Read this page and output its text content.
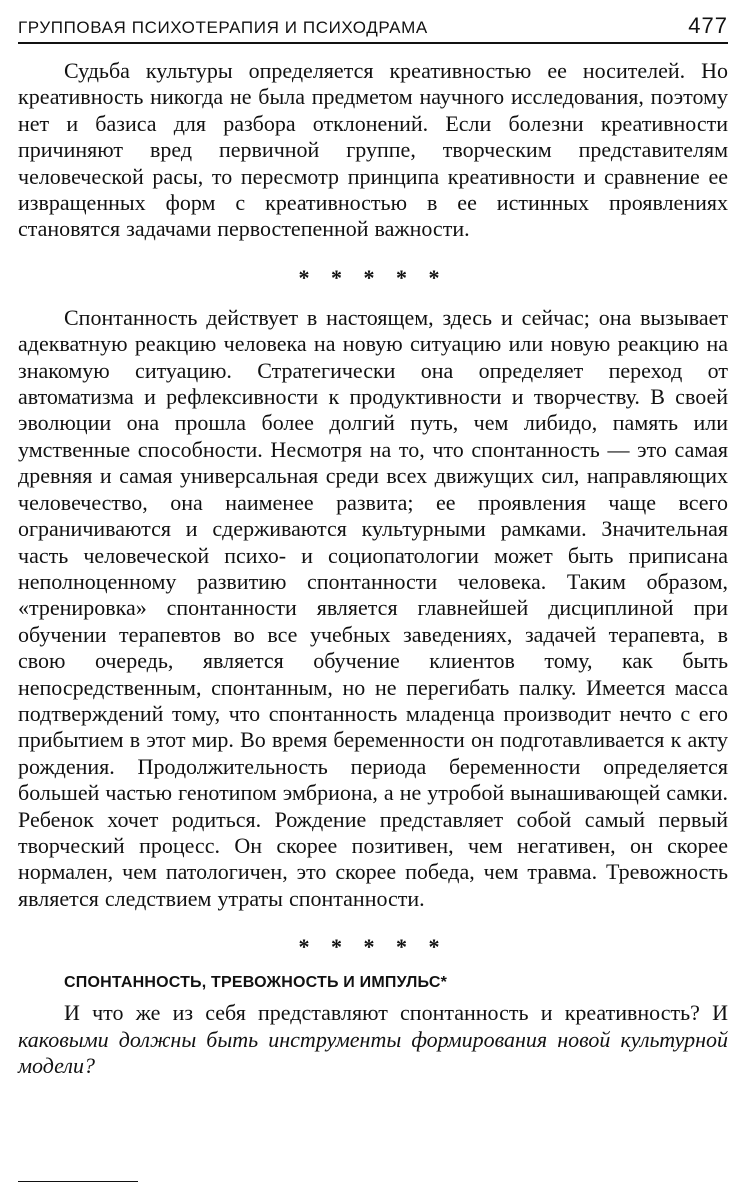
ГРУППОВАЯ ПСИХОТЕРАПИЯ И ПСИХОДРАМА	477

Судьба культуры определяется креативностью ее носителей. Но креативность никогда не была предметом научного исследования, поэтому нет и базиса для разбора отклонений. Если болезни креативности причиняют вред первичной группе, творческим представителям человеческой расы, то пересмотр принципа креативности и сравнение ее извращенных форм с креативностью в ее истинных проявлениях становятся задачами первостепенной важности.

* * * * *

Спонтанность действует в настоящем, здесь и сейчас; она вызывает адекватную реакцию человека на новую ситуацию или новую реакцию на знакомую ситуацию. Стратегически она определяет переход от автоматизма и рефлексивности к продуктивности и творчеству. В своей эволюции она прошла более долгий путь, чем либидо, память или умственные способности. Несмотря на то, что спонтанность — это самая древняя и самая универсальная среди всех движущих сил, направляющих человечество, она наименее развита; ее проявления чаще всего ограничиваются и сдерживаются культурными рамками. Значительная часть человеческой психо- и социопатологии может быть приписана неполноценному развитию спонтанности человека. Таким образом, «тренировка» спонтанности является главнейшей дисциплиной при обучении терапевтов во все учебных заведениях, задачей терапевта, в свою очередь, является обучение клиентов тому, как быть непосредственным, спонтанным, но не перегибать палку. Имеется масса подтверждений тому, что спонтанность младенца производит нечто с его прибытием в этот мир. Во время беременности он подготавливается к акту рождения. Продолжительность периода беременности определяется большей частью генотипом эмбриона, а не утробой вынашивающей самки. Ребенок хочет родиться. Рождение представляет собой самый первый творческий процесс. Он скорее позитивен, чем негативен, он скорее нормален, чем патологичен, это скорее победа, чем травма. Тревожность является следствием утраты спонтанности.

* * * * *
СПОНТАННОСТЬ, ТРЕВОЖНОСТЬ И ИМПУЛЬС*

И что же из себя представляют спонтанность и креативность? И каковыми должны быть инструменты формирования новой культурной модели?
